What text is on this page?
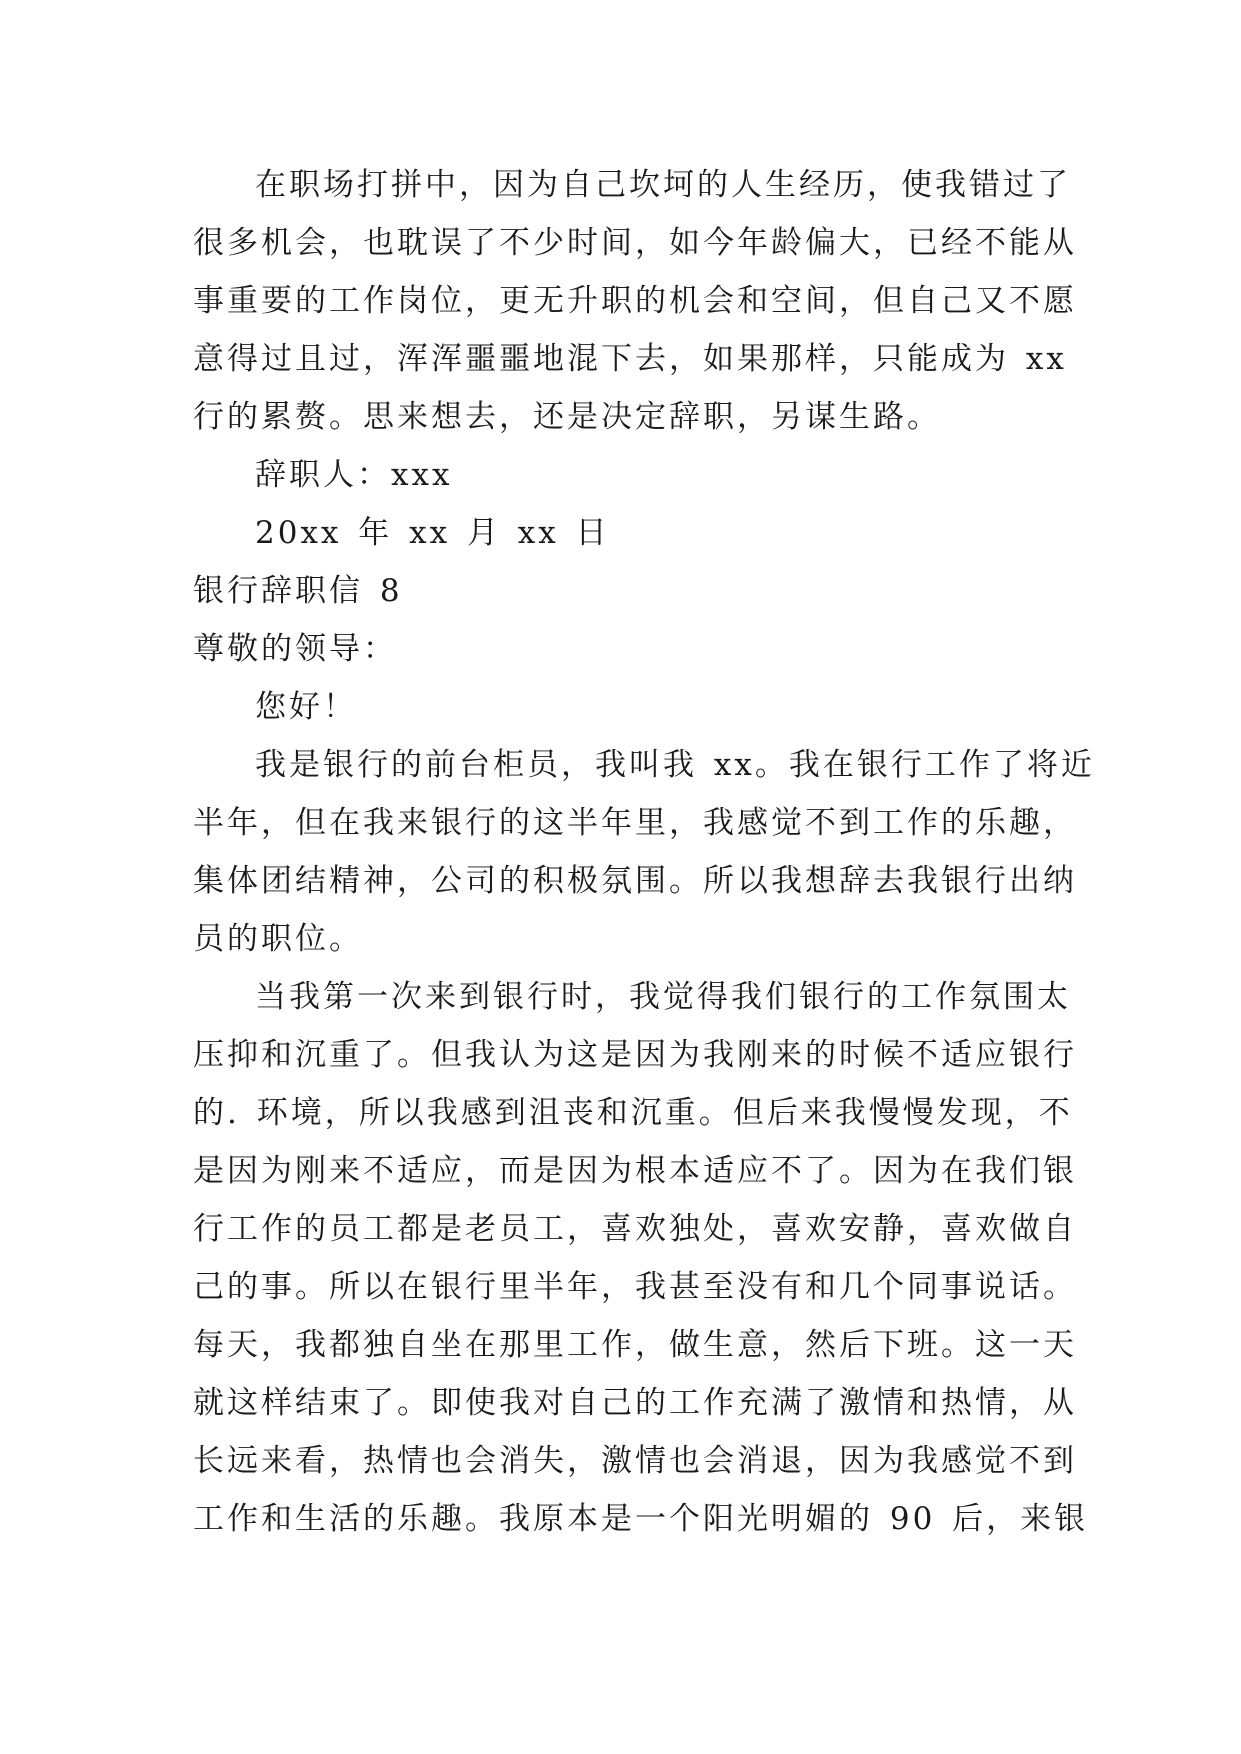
在职场打拼中，因为自己坎坷的人生经历，使我错过了
很多机会，也耽误了不少时间，如今年龄偏大，已经不能从
事重要的工作岗位，更无升职的机会和空间，但自己又不愿
意得过且过，浑浑噩噩地混下去，如果那样，只能成为 xx
行的累赘。思来想去，还是决定辞职，另谋生路。
辞职人：xxx
20xx 年 xx 月 xx 日
银行辞职信 8
尊敬的领导：
您好！
我是银行的前台柜员，我叫我 xx。我在银行工作了将近
半年，但在我来银行的这半年里，我感觉不到工作的乐趣，
集体团结精神，公司的积极氛围。所以我想辞去我银行出纳
员的职位。
当我第一次来到银行时，我觉得我们银行的工作氛围太
压抑和沉重了。但我认为这是因为我刚来的时候不适应银行
的. 环境，所以我感到沮丧和沉重。但后来我慢慢发现，不
是因为刚来不适应，而是因为根本适应不了。因为在我们银
行工作的员工都是老员工，喜欢独处，喜欢安静，喜欢做自
己的事。所以在银行里半年，我甚至没有和几个同事说话。
每天，我都独自坐在那里工作，做生意，然后下班。这一天
就这样结束了。即使我对自己的工作充满了激情和热情，从
长远来看，热情也会消失，激情也会消退，因为我感觉不到
工作和生活的乐趣。我原本是一个阳光明媚的 90 后，来银
